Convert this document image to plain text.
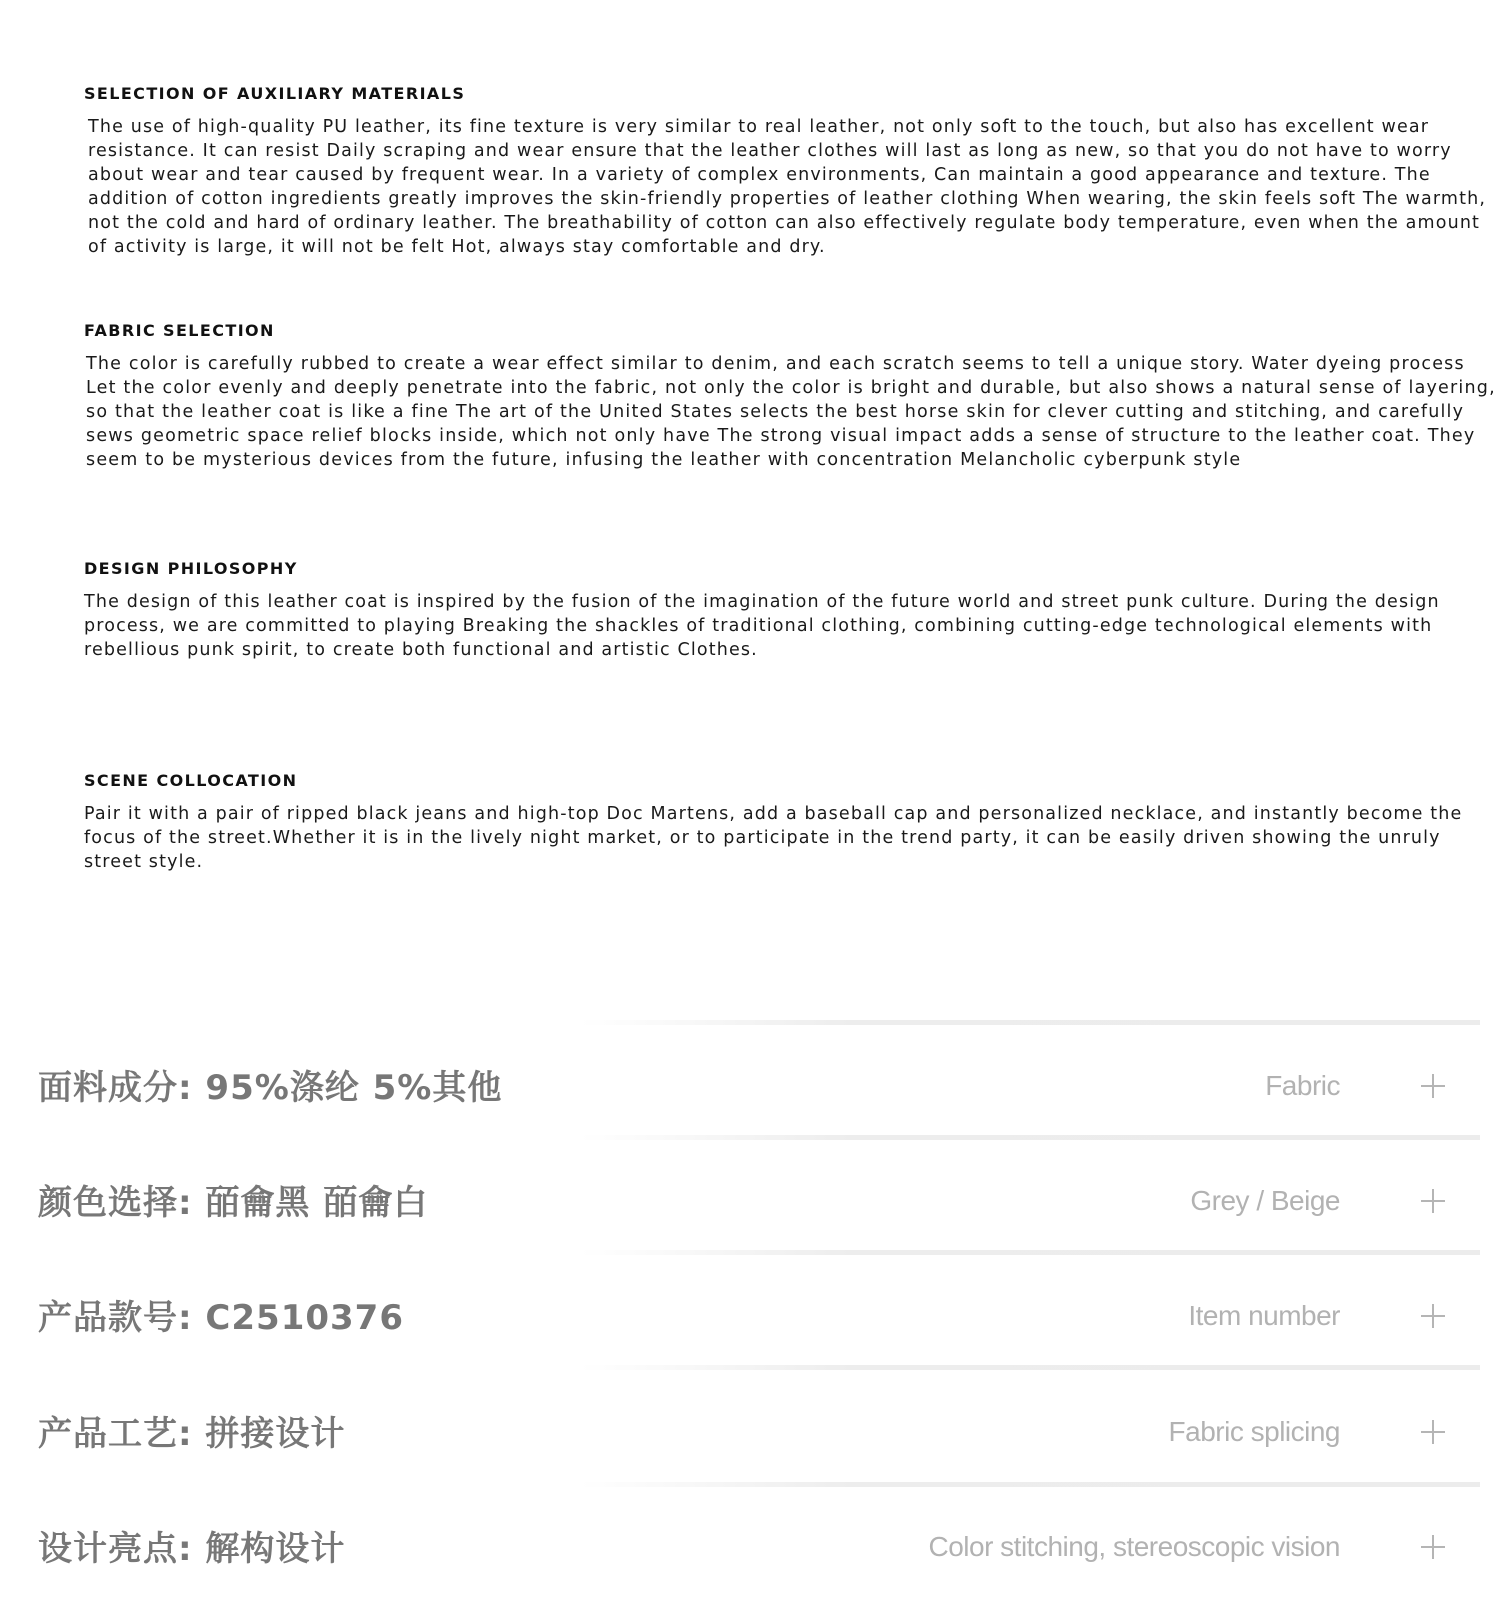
SELECTION OF AUXILIARY MATERIALS

The use of high-quality PU leather, its fine texture is very similar to real leather, not only soft to the touch, but also has excellent wear resistance. It can resist Daily scraping and wear ensure that the leather clothes will last as long as new, so that you do not have to worry about wear and tear caused by frequent wear. In a variety of complex environments, Can maintain a good appearance and texture. The addition of cotton ingredients greatly improves the skin-friendly properties of leather clothing When wearing, the skin feels soft The warmth, not the cold and hard of ordinary leather. The breathability of cotton can also effectively regulate body temperature, even when the amount of activity is large, it will not be felt Hot, always stay comfortable and dry.

FABRIC SELECTION

The color is carefully rubbed to create a wear effect similar to denim, and each scratch seems to tell a unique story. Water dyeing process Let the color evenly and deeply penetrate into the fabric, not only the color is bright and durable, but also shows a natural sense of layering, so that the leather coat is like a fine The art of the United States selects the best horse skin for clever cutting and stitching, and carefully sews geometric space relief blocks inside, which not only have The strong visual impact adds a sense of structure to the leather coat. They seem to be mysterious devices from the future, infusing the leather with concentration Melancholic cyberpunk style

DESIGN PHILOSOPHY

The design of this leather coat is inspired by the fusion of the imagination of the future world and street punk culture. During the design process, we are committed to playing Breaking the shackles of traditional clothing, combining cutting-edge technological elements with rebellious punk spirit, to create both functional and artistic Clothes.

SCENE COLLOCATION

Pair it with a pair of ripped black jeans and high-top Doc Martens, add a baseball cap and personalized necklace, and instantly become the focus of the street.Whether it is in the lively night market, or to participate in the trend party, it can be easily driven showing the unruly street style.

面料成分: 95%涤纶 5%其他	Fabric
颜色选择: 皕龠黑 皕龠白	Grey / Beige
产品款号: C2510376	Item number
产品工艺: 拼接设计	Fabric splicing
设计亮点: 解构设计	Color stitching, stereoscopic vision
